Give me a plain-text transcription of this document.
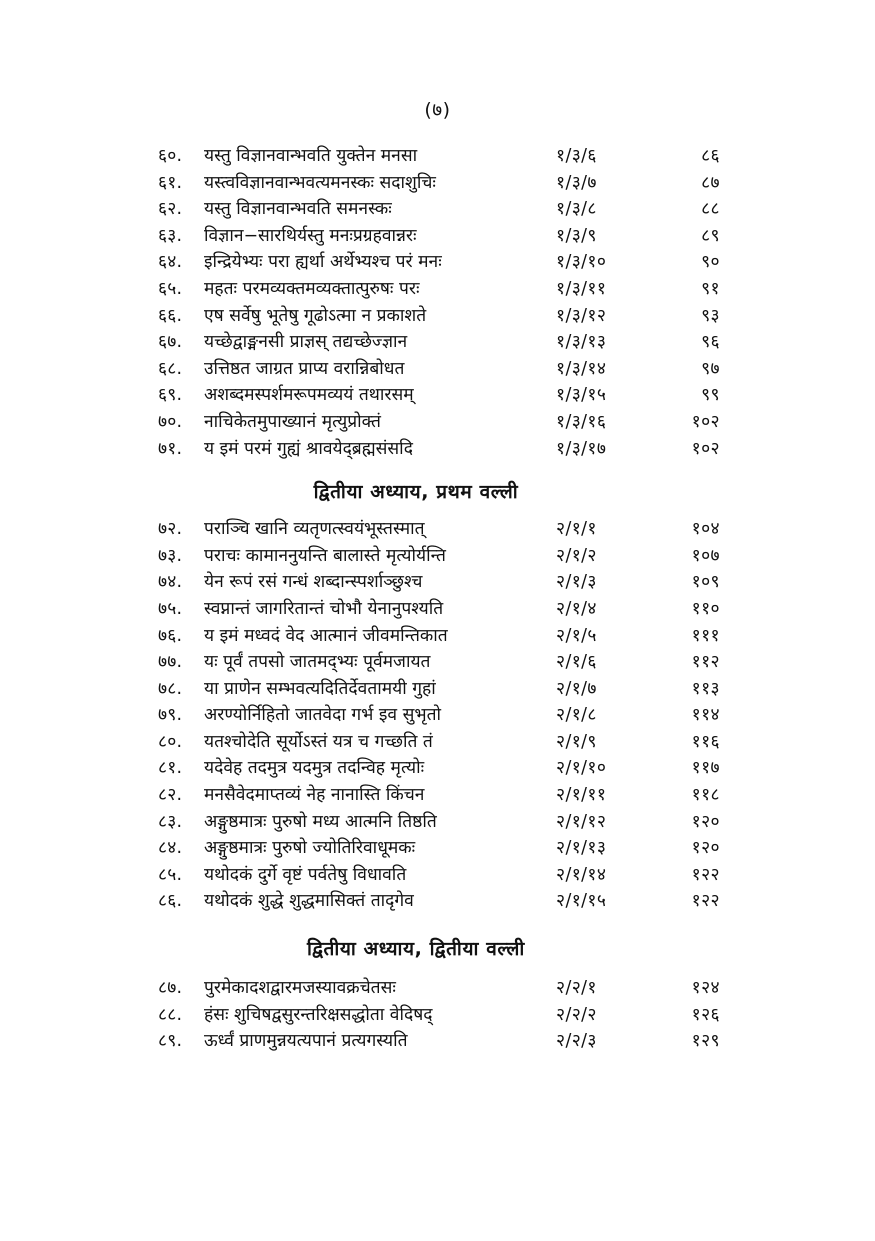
(७)
६०.	यस्तु विज्ञानवान्भवति युक्तेन मनसा	१/३/६	८६
६१.	यस्त्वविज्ञानवान्भवत्यमनस्कः सदाशुचिः	१/३/७	८७
६२.	यस्तु विज्ञानवान्भवति समनस्कः	१/३/८	८८
६३.	विज्ञान−सारथिर्यस्तु मनःप्रग्रहवान्नरः	१/३/९	८९
६४.	इन्द्रियेभ्यः परा ह्यर्था अर्थेभ्यश्च परं मनः	१/३/१०	९०
६५.	महतः परमव्यक्तमव्यक्तात्पुरुषः परः	१/३/११	९१
६६.	एष सर्वेषु भूतेषु गूढोऽत्मा न प्रकाशते	१/३/१२	९३
६७.	यच्छेद्वाङ्मनसी प्राज्ञस् तद्यच्छेज्ज्ञान	१/३/१३	९६
६८.	उत्तिष्ठत जाग्रत प्राप्य वरान्निबोधत	१/३/१४	९७
६९.	अशब्दमस्पर्शमरूपमव्ययं तथारसम्	१/३/१५	९९
७०.	नाचिकेतमुपाख्यानं मृत्युप्रोक्तं	१/३/१६	१०२
७१.	य इमं परमं गुह्यं श्रावयेद्ब्रह्मसंसदि	१/३/१७	१०२
द्वितीया अध्याय, प्रथम वल्ली
७२.	पराञ्चि खानि व्यतृणत्स्वयंभूस्तस्मात्	२/१/१	१०४
७३.	पराचः कामाननुयन्ति बालास्ते मृत्योर्यन्ति	२/१/२	१०७
७४.	येन रूपं रसं गन्धं शब्दान्स्पर्शाञ्छुश्च	२/१/३	१०९
७५.	स्वप्नान्तं जागरितान्तं चोभौ येनानुपश्यति	२/१/४	११०
७६.	य इमं मध्वदं वेद आत्मानं जीवमन्तिकात	२/१/५	१११
७७.	यः पूर्वं तपसो जातमद्भ्यः पूर्वमजायत	२/१/६	११२
७८.	या प्राणेन सम्भवत्यदितिर्देवतामयी गुहां	२/१/७	११३
७९.	अरण्योर्निहितो जातवेदा गर्भ इव सुभृतो	२/१/८	११४
८०.	यतश्चोदेति सूर्योऽस्तं यत्र च गच्छति तं	२/१/९	११६
८१.	यदेवेह तदमुत्र यदमुत्र तदन्विह मृत्योः	२/१/१०	११७
८२.	मनसैवेदमाप्तव्यं नेह नानास्ति किंचन	२/१/११	११८
८३.	अङ्गुष्ठमात्रः पुरुषो मध्य आत्मनि तिष्ठति	२/१/१२	१२०
८४.	अङ्गुष्ठमात्रः पुरुषो ज्योतिरिवाधूमकः	२/१/१३	१२०
८५.	यथोदकं दुर्गे वृष्टं पर्वतेषु विधावति	२/१/१४	१२२
८६.	यथोदकं शुद्धे शुद्धमासिक्तं तादृगेव	२/१/१५	१२२
द्वितीया अध्याय, द्वितीया वल्ली
८७.	पुरमेकादशद्वारमजस्यावक्रचेतसः	२/२/१	१२४
८८.	हंसः शुचिषद्वसुरन्तरिक्षसद्धोता वेदिषद्	२/२/२	१२६
८९.	ऊर्ध्वं प्राणमुन्नयत्यपानं प्रत्यगस्यति	२/२/३	१२९
